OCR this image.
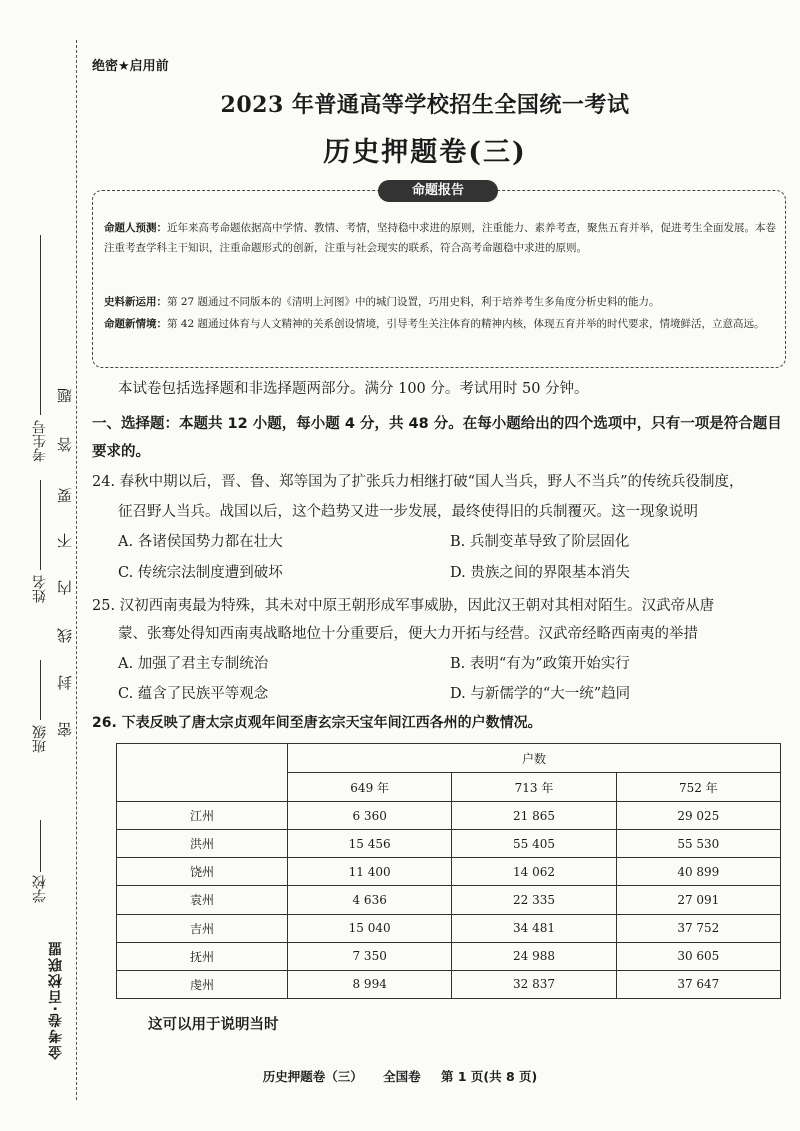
金考卷·百校联盟
学校
班级
姓名
考生号
题
答
要
不
内
线
封
密
绝密★启用前
2023 年普通高等学校招生全国统一考试
历史押题卷(三)
命题报告
命题人预测：近年来高考命题依据高中学情、教情、考情，坚持稳中求进的原则，注重能力、素养考查，聚焦五育并举，促进考生全面发展。本卷注重考查学科主干知识，注重命题形式的创新，注重与社会现实的联系，符合高考命题稳中求进的原则。
史料新运用：第 27 题通过不同版本的《清明上河图》中的城门设置，巧用史料，利于培养考生多角度分析史料的能力。
命题新情境：第 42 题通过体育与人文精神的关系创设情境，引导考生关注体育的精神内核，体现五育并举的时代要求，情境鲜活，立意高远。
本试卷包括选择题和非选择题两部分。满分 100 分。考试用时 50 分钟。
一、选择题：本题共 12 小题，每小题 4 分，共 48 分。在每小题给出的四个选项中，只有一项是符合题目要求的。
24. 春秋中期以后，晋、鲁、郑等国为了扩张兵力相继打破“国人当兵，野人不当兵”的传统兵役制度，
征召野人当兵。战国以后，这个趋势又进一步发展，最终使得旧的兵制覆灭。这一现象说明
A. 各诸侯国势力都在壮大	B. 兵制变革导致了阶层固化
C. 传统宗法制度遭到破坏	D. 贵族之间的界限基本消失
25. 汉初西南夷最为特殊，其未对中原王朝形成军事威胁，因此汉王朝对其相对陌生。汉武帝从唐
蒙、张骞处得知西南夷战略地位十分重要后，便大力开拓与经营。汉武帝经略西南夷的举措
A. 加强了君主专制统治	B. 表明“有为”政策开始实行
C. 蕴含了民族平等观念	D. 与新儒学的“大一统”趋同
26. 下表反映了唐太宗贞观年间至唐玄宗天宝年间江西各州的户数情况。
	户数		
	649 年	713 年	752 年
江州	6 360	21 865	29 025
洪州	15 456	55 405	55 530
饶州	11 400	14 062	40 899
袁州	4 636	22 335	27 091
吉州	15 040	34 481	37 752
抚州	7 350	24 988	30 605
虔州	8 994	32 837	37 647
这可以用于说明当时
历史押题卷（三） 全国卷 第 1 页(共 8 页)
